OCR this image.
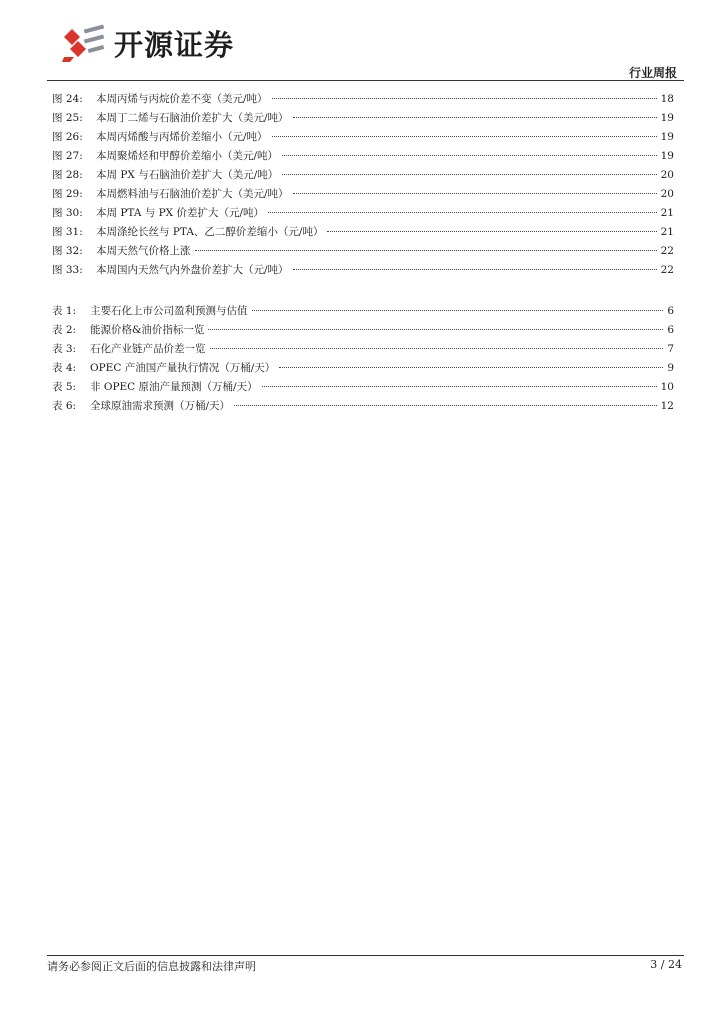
开源证券
行业周报
图 24:	本周丙烯与丙烷价差不变（美元/吨）	18
图 25:	本周丁二烯与石脑油价差扩大（美元/吨）	19
图 26:	本周丙烯酸与丙烯价差缩小（元/吨）	19
图 27:	本周聚烯烃和甲醇价差缩小（美元/吨）	19
图 28:	本周 PX 与石脑油价差扩大（美元/吨）	20
图 29:	本周燃料油与石脑油价差扩大（美元/吨）	20
图 30:	本周 PTA 与 PX 价差扩大（元/吨）	21
图 31:	本周涤纶长丝与 PTA、乙二醇价差缩小（元/吨）	21
图 32:	本周天然气价格上涨	22
图 33:	本周国内天然气内外盘价差扩大（元/吨）	22
表 1:	主要石化上市公司盈利预测与估值	6
表 2:	能源价格&油价指标一览	6
表 3:	石化产业链产品价差一览	7
表 4:	OPEC 产油国产量执行情况（万桶/天）	9
表 5:	非 OPEC 原油产量预测（万桶/天）	10
表 6:	全球原油需求预测（万桶/天）	12
请务必参阅正文后面的信息披露和法律声明	3 / 24
